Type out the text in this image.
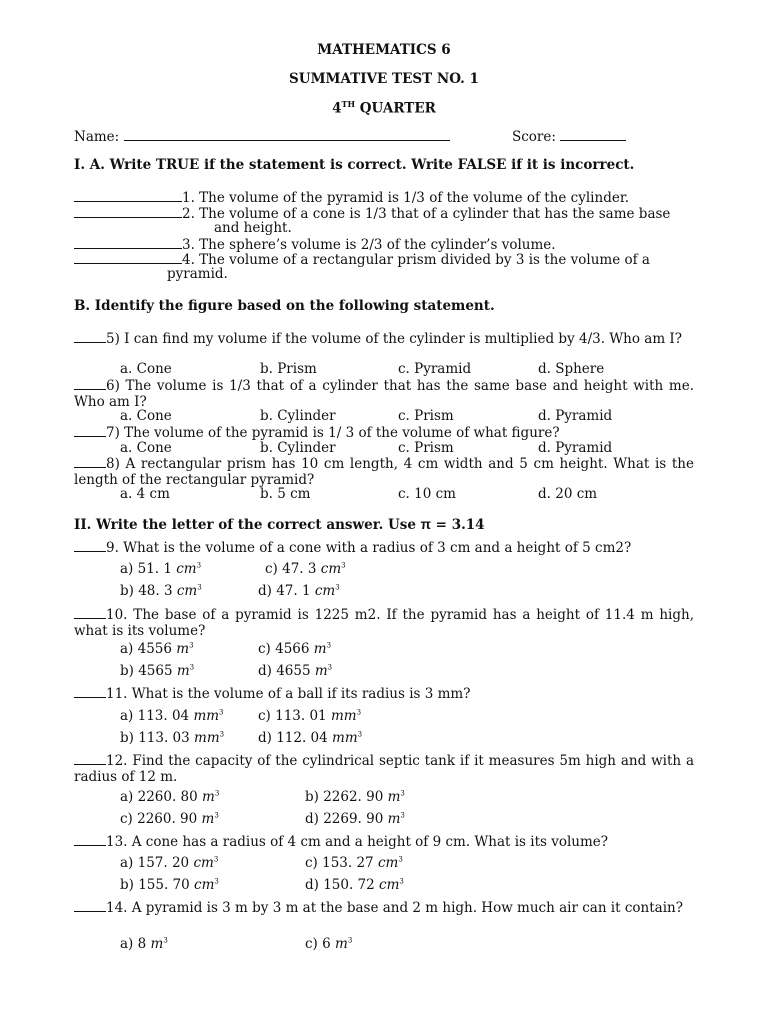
MATHEMATICS 6
SUMMATIVE TEST NO. 1
4TH QUARTER
Name:	Score:
I. A. Write TRUE if the statement is correct. Write FALSE if it is incorrect.
1. The volume of the pyramid is 1/3 of the volume of the cylinder.
2. The volume of a cone is 1/3 that of a cylinder that has the same base
and height.
3. The sphere’s volume is 2/3 of the cylinder’s volume.
4. The volume of a rectangular prism divided by 3 is the volume of a
pyramid.
B. Identify the figure based on the following statement.
5) I can find my volume if the volume of the cylinder is multiplied by 4/3. Who am I?
a. Cone	b. Prism	c. Pyramid	d. Sphere
6) The volume is 1/3 that of a cylinder that has the same base and height with me. Who am I?
a. Cone	b. Cylinder	c. Prism	d. Pyramid
7) The volume of the pyramid is 1/ 3 of the volume of what figure?
a. Cone	b. Cylinder	c. Prism	d. Pyramid
8) A rectangular prism has 10 cm length, 4 cm width and 5 cm height. What is the length of the rectangular pyramid?
a. 4 cm	b. 5 cm	c. 10 cm	d. 20 cm
II. Write the letter of the correct answer. Use π = 3.14
9. What is the volume of a cone with a radius of 3 cm and a height of 5 cm2?
a) 51. 1 $cm^3$	c) 47. 3 $cm^3$
b) 48. 3 $cm^3$	d) 47. 1 $cm^3$
10. The base of a pyramid is 1225 m2. If the pyramid has a height of 11.4 m high, what is its volume?
a) 4556 $m^3$	c) 4566 $m^3$
b) 4565 $m^3$	d) 4655 $m^3$
11. What is the volume of a ball if its radius is 3 mm?
a) 113. 04 $mm^3$	c) 113. 01 $mm^3$
b) 113. 03 $mm^3$	d) 112. 04 $mm^3$
12. Find the capacity of the cylindrical septic tank if it measures 5m high and with a radius of 12 m.
a) 2260. 80 $m^3$	b) 2262. 90 $m^3$
c) 2260. 90 $m^3$	d) 2269. 90 $m^3$
13. A cone has a radius of 4 cm and a height of 9 cm. What is its volume?
a) 157. 20 $cm^3$	c) 153. 27 $cm^3$
b) 155. 70 $cm^3$	d) 150. 72 $cm^3$
14. A pyramid is 3 m by 3 m at the base and 2 m high. How much air can it contain?
a) 8 $m^3$	c) 6 $m^3$
